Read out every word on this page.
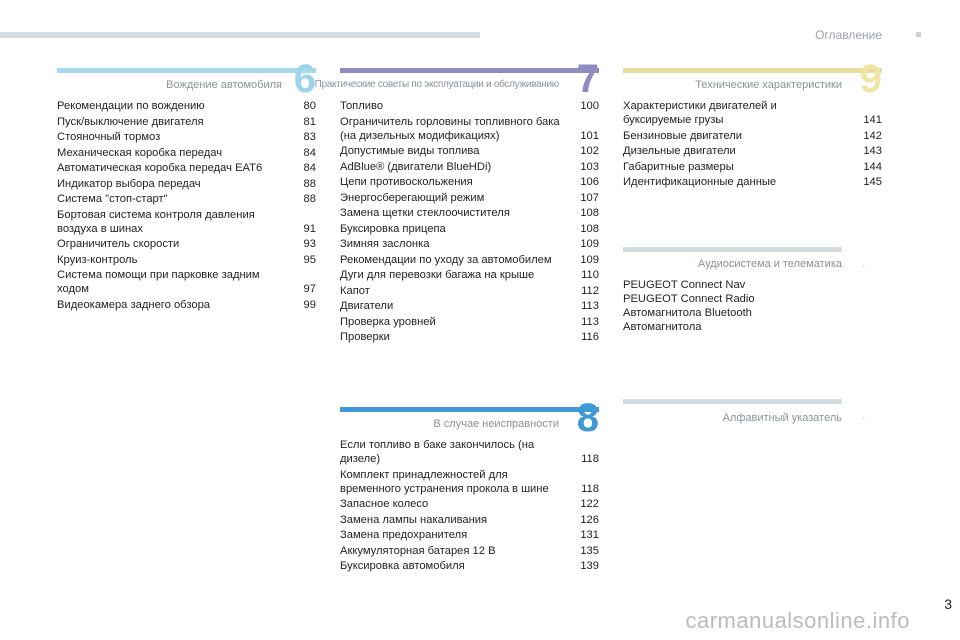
Оглавление
Вождение автомобиля 6
Рекомендации по вождению	80
Пуск/выключение двигателя	81
Стояночный тормоз	83
Механическая коробка передач	84
Автоматическая коробка передач EAT6	84
Индикатор выбора передач	88
Система "стоп-старт"	88
Бортовая система контроля давления воздуха в шинах	91
Ограничитель скорости	93
Круиз-контроль	95
Система помощи при парковке задним ходом	97
Видеокамера заднего обзора	99
Практические советы по эксплуатации и обслуживанию 7
Топливо	100
Ограничитель горловины топливного бака (на дизельных модификациях)	101
Допустимые виды топлива	102
AdBlue® (двигатели BlueHDi)	103
Цепи противоскольжения	106
Энергосберегающий режим	107
Замена щетки стеклоочистителя	108
Буксировка прицепа	108
Зимняя заслонка	109
Рекомендации по уходу за автомобилем	109
Дуги для перевозки багажа на крыше	110
Капот	112
Двигатели	113
Проверка уровней	113
Проверки	116
В случае неисправности 8
Если топливо в баке закончилось (на дизеле)	118
Комплект принадлежностей для временного устранения прокола в шине	118
Запасное колесо	122
Замена лампы накаливания	126
Замена предохранителя	131
Аккумуляторная батарея 12 В	135
Буксировка автомобиля	139
Технические характеристики 9
Характеристики двигателей и буксируемые грузы	141
Бензиновые двигатели	142
Дизельные двигатели	143
Габаритные размеры	144
Идентификационные данные	145
Аудиосистема и телематика
PEUGEOT Connect Nav
PEUGEOT Connect Radio
Автомагнитола Bluetooth
Автомагнитола
.
Алфавитный указатель .
carmanualsonline.info
3
